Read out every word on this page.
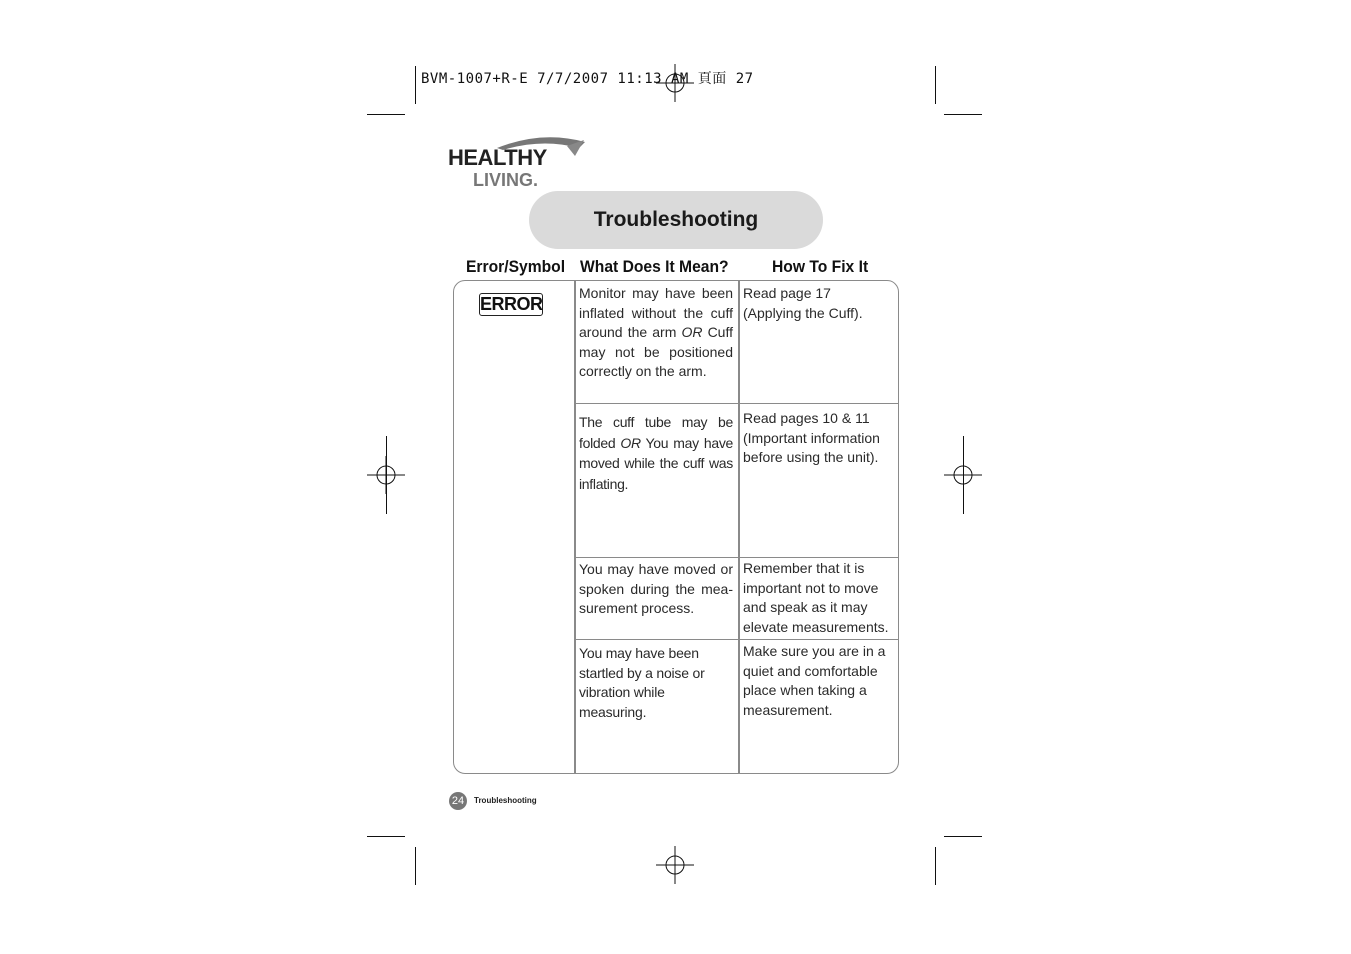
BVM-1007+R-E 7/7/2007 11:13 AM 頁面 27
HEALTHY
LIVING.
Troubleshooting
Error/Symbol What Does It Mean?	How To Fix It
ERROR
Monitor may have been inflated without the cuff around the arm OR Cuff may not be positioned correctly on the arm.
Read page 17 (Applying the Cuff).
The cuff tube may be folded OR You may have moved while the cuff was inflating.
Read pages 10 & 11 (Important information before using the unit).
You may have moved or spoken during the mea-surement process.
Remember that it is important not to move and speak as it may elevate measurements.
You may have been startled by a noise or vibration while measuring.
Make sure you are in a quiet and comfortable place when taking a measurement.
24	Troubleshooting
